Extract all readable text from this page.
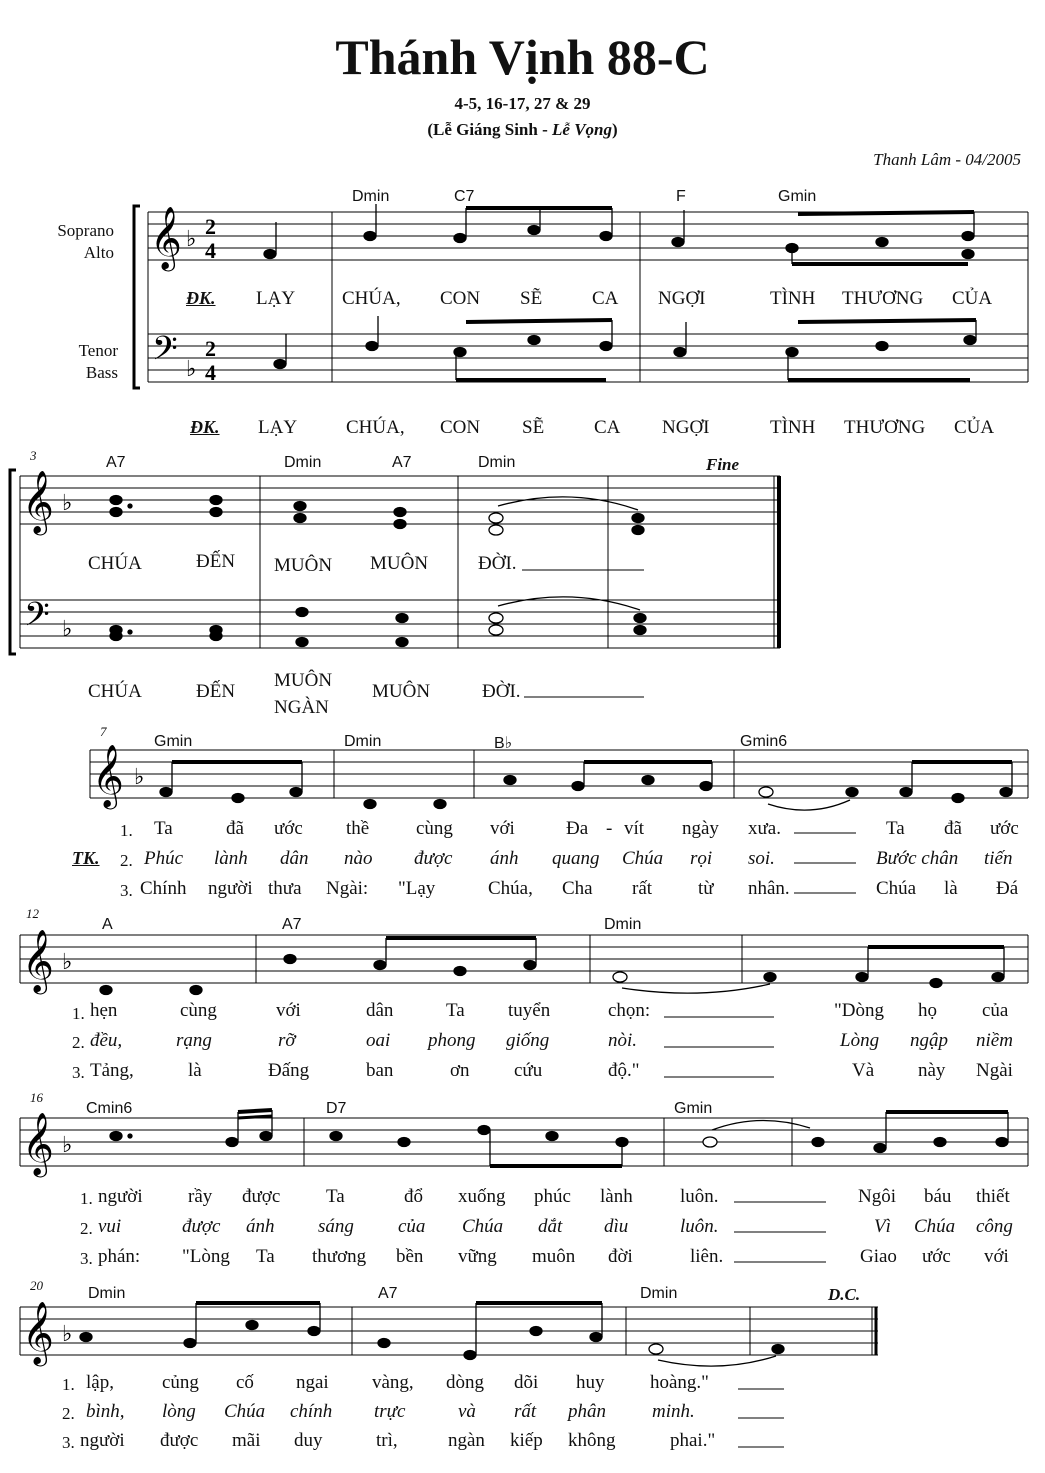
Thánh Vịnh 88-C
4-5, 16-17, 27 & 29
(Lễ Giáng Sinh - Lễ Vọng)
Thanh Lâm - 04/2005
Soprano
Alto
Tenor
Bass
𝄞
𝄢
𝄞
𝄢
𝄞
𝄞
𝄞
𝄞
♭
♭
♭
♭
♭
♭
♭
♭
2
4
2
4
3
7
12
16
20
Fine
D.C.
Dmin	C7	F	Gmin
A7	Dmin	A7	Dmin
Gmin	Dmin	B♭	Gmin6
A	A7	Dmin
Cmin6	D7	Gmin
Dmin	A7	Dmin
ĐK. LẠY CHÚA, CON SẼ	CA NGỢI	TÌNH THƯƠNG CỦA
ĐK. LẠY	CHÚA, CON SẼ	CA NGỢI	TÌNH THƯƠNG CỦA
CHÚA	ĐẾN MUÔN MUÔN	ĐỜI.
CHÚA	ĐẾN
MUÔN
NGÀN
MUÔN	ĐỜI.
TK.
1. Ta	đã ước thề cùng với	Đa - vít ngày xưa.	Ta đã ước
2. Phúc lành dân nào được ánh quang Chúa rọi soi.	Bước chân tiến
3. Chính người thưa Ngài: "Lạy	Chúa, Cha rất từ nhân.	Chúa là Đá
1. hẹn	cùng	với	dân	Ta tuyển	chọn:	"Dòng họ của
2. đều,	rạng	rỡ	oai phong giống	nòi.	Lòng ngập niềm
3. Tảng,	là	Đấng	ban	ơn cứu	độ."	Và này Ngài
1. người rầy được Ta	đổ xuống phúc lành luôn.	Ngôi báu thiết
2. vui	được ánh sáng của Chúa dắt dìu	luôn.	Vì Chúa công
3. phán: "Lòng Ta thương bền vững muôn đời	liên.	Giao ước với
1. lập,	củng cố ngai vàng, dòng dõi huy hoàng."
2. bình, lòng Chúa chính trực	và rất phân minh.
3. người được mãi duy	trì,	ngàn kiếp không	phai."
